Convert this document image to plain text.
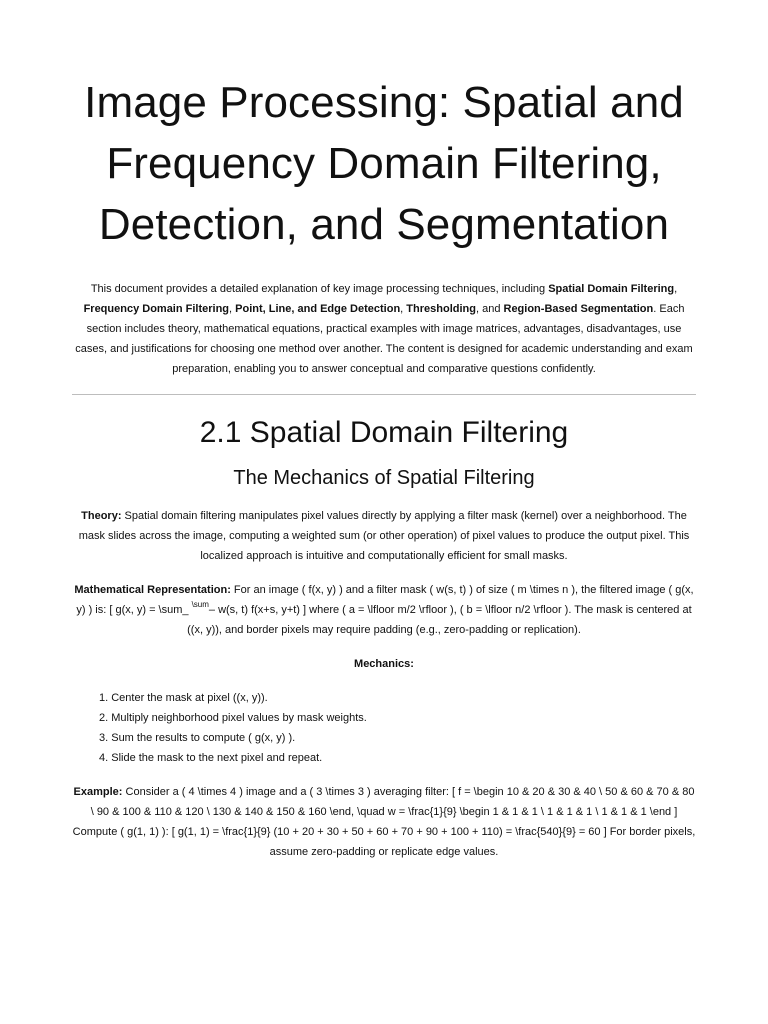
Image Processing: Spatial and Frequency Domain Filtering, Detection, and Segmentation

This document provides a detailed explanation of key image processing techniques, including Spatial Domain Filtering, Frequency Domain Filtering, Point, Line, and Edge Detection, Thresholding, and Region-Based Segmentation. Each section includes theory, mathematical equations, practical examples with image matrices, advantages, disadvantages, use cases, and justifications for choosing one method over another. The content is designed for academic understanding and exam preparation, enabling you to answer conceptual and comparative questions confidently.

2.1 Spatial Domain Filtering
The Mechanics of Spatial Filtering

Theory: Spatial domain filtering manipulates pixel values directly by applying a filter mask (kernel) over a neighborhood. The mask slides across the image, computing a weighted sum (or other operation) of pixel values to produce the output pixel. This localized approach is intuitive and computationally efficient for small masks.

Mathematical Representation: For an image ( f(x, y) ) and a filter mask ( w(s, t) ) of size ( m \times n ), the filtered image ( g(x, y) ) is: [ g(x, y) = \sum_ $^{\backslash sum}$– w(s, t) f(x+s, y+t) ] where ( a = \lfloor m/2 \rfloor ), ( b = \lfloor n/2 \rfloor ). The mask is centered at ((x, y)), and border pixels may require padding (e.g., zero-padding or replication).

Mechanics:

1. Center the mask at pixel ((x, y)).
2. Multiply neighborhood pixel values by mask weights.
3. Sum the results to compute ( g(x, y) ).
4. Slide the mask to the next pixel and repeat.

Example: Consider a ( 4 \times 4 ) image and a ( 3 \times 3 ) averaging filter: [ f = \begin 10 & 20 & 30 & 40 \ 50 & 60 & 70 & 80 \ 90 & 100 & 110 & 120 \ 130 & 140 & 150 & 160 \end, \quad w = \frac{1}{9} \begin 1 & 1 & 1 \ 1 & 1 & 1 \ 1 & 1 & 1 \end ] Compute ( g(1, 1) ): [ g(1, 1) = \frac{1}{9} (10 + 20 + 30 + 50 + 60 + 70 + 90 + 100 + 110) = \frac{540}{9} = 60 ] For border pixels, assume zero-padding or replicate edge values.
